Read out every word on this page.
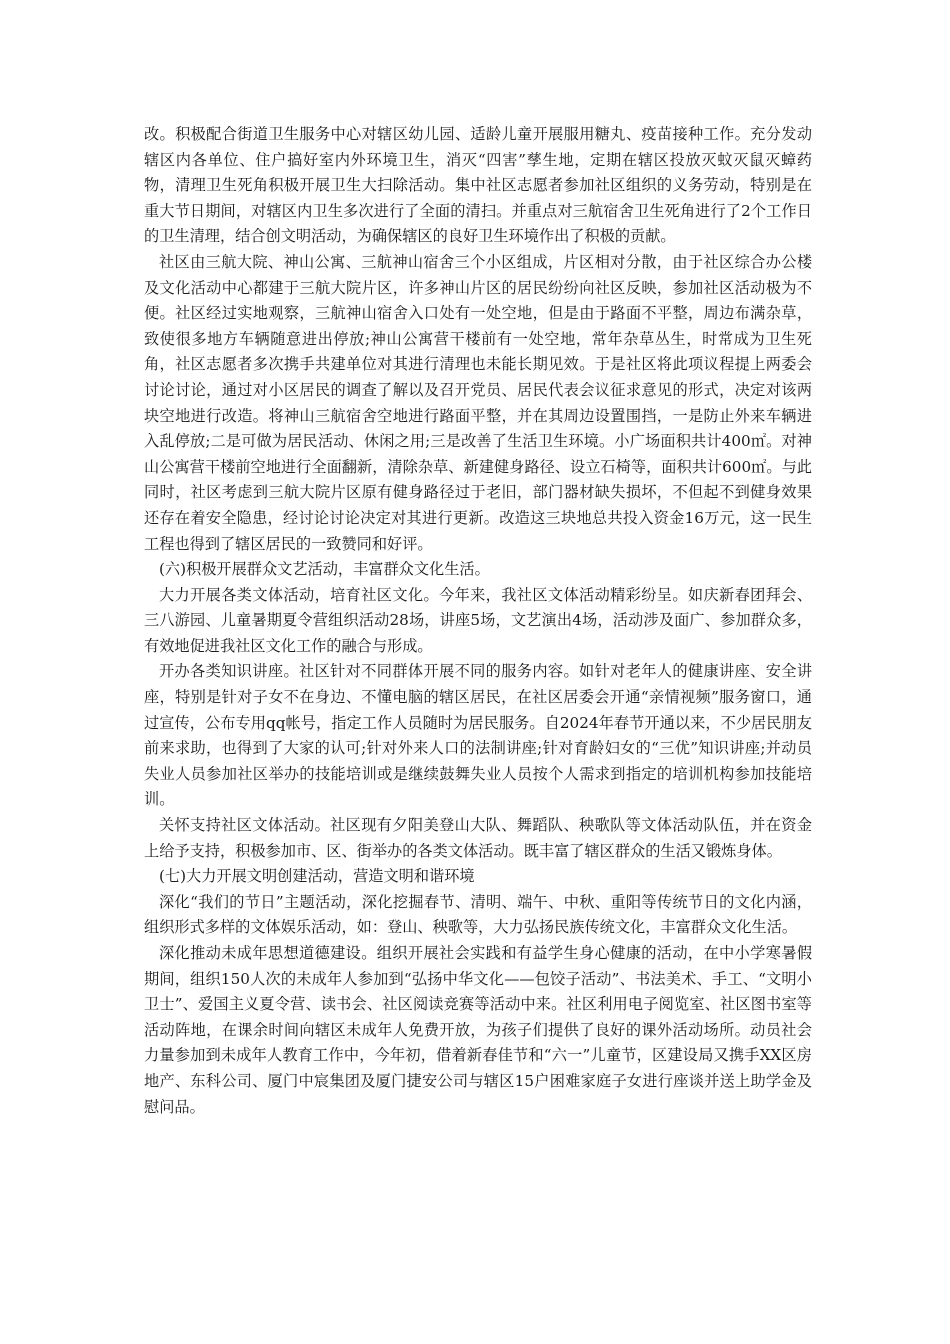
改。积极配合街道卫生服务中心对辖区幼儿园、适龄儿童开展服用糖丸、疫苗接种工作。充分发动辖区内各单位、住户搞好室内外环境卫生，消灭“四害”孳生地，定期在辖区投放灭蚊灭鼠灭蟑药物，清理卫生死角积极开展卫生大扫除活动。集中社区志愿者参加社区组织的义务劳动，特别是在重大节日期间，对辖区内卫生多次进行了全面的清扫。并重点对三航宿舍卫生死角进行了2个工作日的卫生清理，结合创文明活动，为确保辖区的良好卫生环境作出了积极的贡献。

社区由三航大院、神山公寓、三航神山宿舍三个小区组成，片区相对分散，由于社区综合办公楼及文化活动中心都建于三航大院片区，许多神山片区的居民纷纷向社区反映，参加社区活动极为不便。社区经过实地观察，三航神山宿舍入口处有一处空地，但是由于路面不平整，周边布满杂草，致使很多地方车辆随意进出停放;神山公寓营干楼前有一处空地，常年杂草丛生，时常成为卫生死角，社区志愿者多次携手共建单位对其进行清理也未能长期见效。于是社区将此项议程提上两委会讨论讨论，通过对小区居民的调查了解以及召开党员、居民代表会议征求意见的形式，决定对该两块空地进行改造。将神山三航宿舍空地进行路面平整，并在其周边设置围挡，一是防止外来车辆进入乱停放;二是可做为居民活动、休闲之用;三是改善了生活卫生环境。小广场面积共计400㎡。对神山公寓营干楼前空地进行全面翻新，清除杂草、新建健身路径、设立石椅等，面积共计600㎡。与此同时，社区考虑到三航大院片区原有健身路径过于老旧，部门器材缺失损坏，不但起不到健身效果还存在着安全隐患，经讨论讨论决定对其进行更新。改造这三块地总共投入资金16万元，这一民生工程也得到了辖区居民的一致赞同和好评。

(六)积极开展群众文艺活动，丰富群众文化生活。

大力开展各类文体活动，培育社区文化。今年来，我社区文体活动精彩纷呈。如庆新春团拜会、三八游园、儿童暑期夏令营组织活动28场，讲座5场，文艺演出4场，活动涉及面广、参加群众多，有效地促进我社区文化工作的融合与形成。

开办各类知识讲座。社区针对不同群体开展不同的服务内容。如针对老年人的健康讲座、安全讲座，特别是针对子女不在身边、不懂电脑的辖区居民，在社区居委会开通“亲情视频”服务窗口，通过宣传，公布专用qq帐号，指定工作人员随时为居民服务。自2024年春节开通以来，不少居民朋友前来求助，也得到了大家的认可;针对外来人口的法制讲座;针对育龄妇女的“三优”知识讲座;并动员失业人员参加社区举办的技能培训或是继续鼓舞失业人员按个人需求到指定的培训机构参加技能培训。

关怀支持社区文体活动。社区现有夕阳美登山大队、舞蹈队、秧歌队等文体活动队伍，并在资金上给予支持，积极参加市、区、街举办的各类文体活动。既丰富了辖区群众的生活又锻炼身体。

(七)大力开展文明创建活动，营造文明和谐环境

深化“我们的节日”主题活动，深化挖掘春节、清明、端午、中秋、重阳等传统节日的文化内涵，组织形式多样的文体娱乐活动，如：登山、秧歌等，大力弘扬民族传统文化，丰富群众文化生活。

深化推动未成年思想道德建设。组织开展社会实践和有益学生身心健康的活动，在中小学寒暑假期间，组织150人次的未成年人参加到“弘扬中华文化——包饺子活动”、书法美术、手工、“文明小卫士”、爱国主义夏令营、读书会、社区阅读竞赛等活动中来。社区利用电子阅览室、社区图书室等活动阵地，在课余时间向辖区未成年人免费开放，为孩子们提供了良好的课外活动场所。动员社会力量参加到未成年人教育工作中，今年初，借着新春佳节和“六一”儿童节，区建设局又携手XX区房地产、东科公司、厦门中宸集团及厦门捷安公司与辖区15户困难家庭子女进行座谈并送上助学金及慰问品。
